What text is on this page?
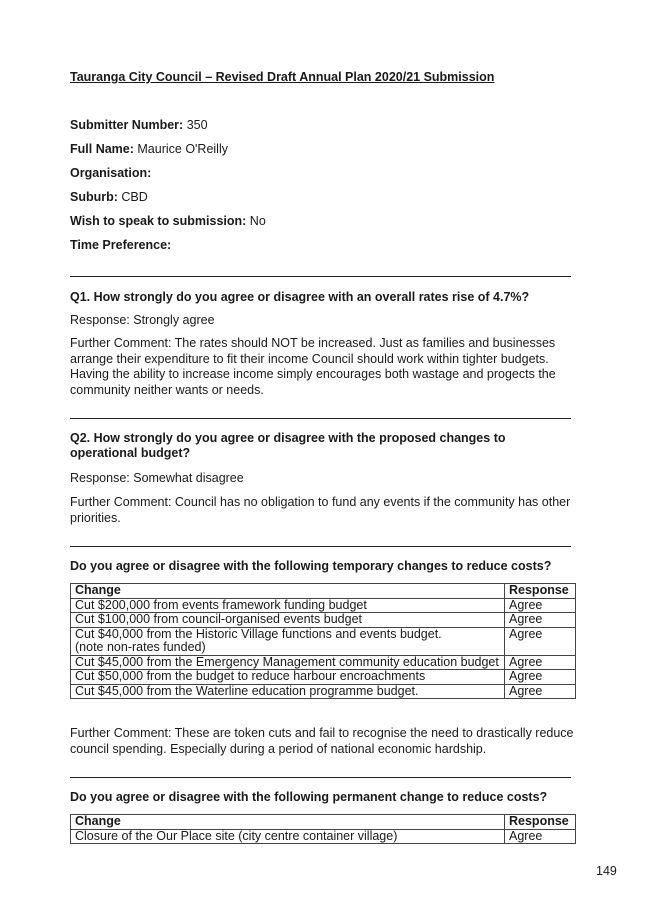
Tauranga City Council – Revised Draft Annual Plan 2020/21 Submission
Submitter Number: 350
Full Name: Maurice O'Reilly
Organisation:
Suburb: CBD
Wish to speak to submission: No
Time Preference:
Q1. How strongly do you agree or disagree with an overall rates rise of 4.7%?
Response: Strongly agree
Further Comment: The rates should NOT be increased. Just as families and businesses arrange their expenditure to fit their income Council should work within tighter budgets. Having the ability to increase income simply encourages both wastage and progects the community neither wants or needs.
Q2. How strongly do you agree or disagree with the proposed changes to operational budget?
Response: Somewhat disagree
Further Comment: Council has no obligation to fund any events if the community has other priorities.
Do you agree or disagree with the following temporary changes to reduce costs?
Change	Response
Cut $200,000 from events framework funding budget	Agree
Cut $100,000 from council-organised events budget	Agree

Cut $40,000 from the Historic Village functions and events budget.
(note non-rates funded)	Agree
Cut $45,000 from the Emergency Management community education budget	Agree
Cut $50,000 from the budget to reduce harbour encroachments	Agree
Cut $45,000 from the Waterline education programme budget.	Agree
Further Comment: These are token cuts and fail to recognise the need to drastically reduce council spending. Especially during a period of national economic hardship.
Do you agree or disagree with the following permanent change to reduce costs?
Change	Response
Closure of the Our Place site (city centre container village)	Agree
149
